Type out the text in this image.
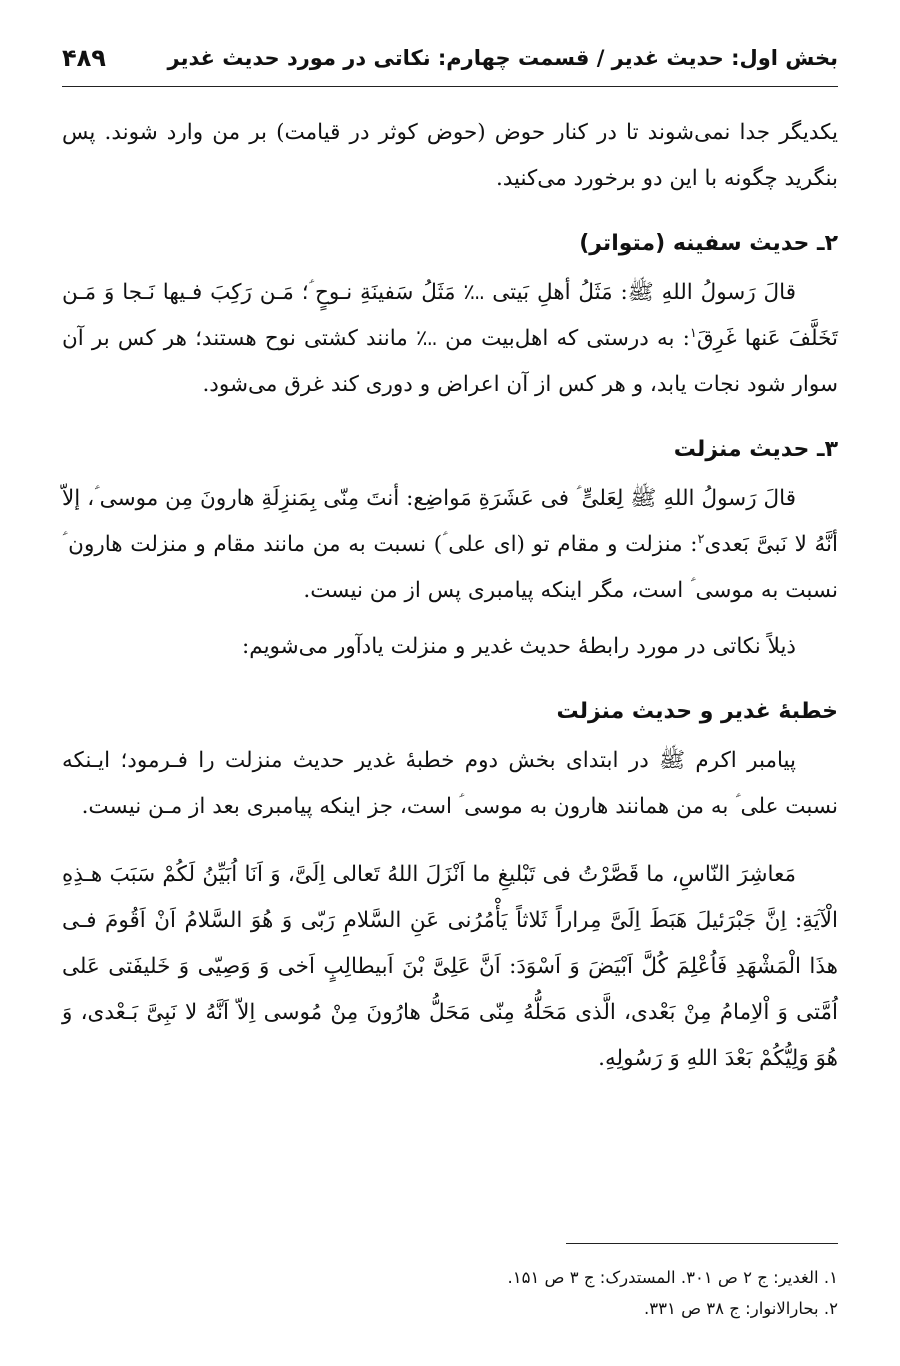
بخش اول: حدیث غدیر / قسمت چهارم: نکاتی در مورد حدیث غدیر
۴۸۹

یکدیگر جدا نمی‌شوند تا در کنار حوض (حوض کوثر در قیامت) بر من وارد شوند. پس بنگرید چگونه با این دو برخورد می‌کنید.

۲ـ حدیث سفینه (متواتر)

قالَ رَسولُ اللهِ ﷺ: مَثَلُ أهلِ بَیتی ؊ مَثَلُ سَفینَةِ نـوحٍ ؑ؛ مَـن رَکِبَ فـیها نَـجا وَ مَـن تَخَلَّفَ عَنها غَرِقَ$^۱$: به درستی که اهل‌بیت من ؊ مانند کشتی نوح هستند؛ هر کس بر آن سوار شود نجات یابد، و هر کس از آن اعراض و دوری کند غرق می‌شود.

۳ـ حدیث منزلت

قالَ رَسولُ اللهِ ﷺ لِعَلیٍّ ؑ فی عَشَرَةِ مَواضِع: أنتَ مِنّی بِمَنزِلَةِ هارونَ مِن موسی ؑ، إلاّ أنَّهُ لا نَبیَّ بَعدی$^۲$: منزلت و مقام تو (ای علی ؑ) نسبت به من مانند مقام و منزلت هارون ؑ نسبت به موسی ؑ است، مگر اینکه پیامبری پس از من نیست.

ذیلاً نکاتی در مورد رابطۀ حدیث غدیر و منزلت یادآور می‌شویم:

خطبۀ غدیر و حدیث منزلت

پیامبر اکرم ﷺ در ابتدای بخش دوم خطبۀ غدیر حدیث منزلت را فـرمود؛ ایـنکه نسبت علی ؑ به من همانند هارون به موسی ؑ است، جز اینکه پیامبری بعد از مـن نیست.

مَعاشِرَ النّاسِ، ما قَصَّرْتُ فی تَبْلیغِ ما اَنْزَلَ اللهُ تَعالی اِلَیَّ، وَ اَنَا اُبَیِّنُ لَکُمْ سَبَبَ هـذِهِ الْآیَةِ: اِنَّ جَبْرَئیلَ هَبَطَ اِلَیَّ مِراراً ثَلاثاً یَأْمُرُنی عَنِ السَّلامِ رَبّی وَ هُوَ السَّلامُ اَنْ اَقُومَ فـی هذَا الْمَشْهَدِ فَاُعْلِمَ کُلَّ اَبْیَضَ وَ اَسْوَدَ: اَنَّ عَلِیَّ بْنَ اَبیطالِبٍ اَخی وَ وَصِیّی وَ خَلیفَتی عَلی اُمَّتی وَ اْلاِمامُ مِنْ بَعْدی، الَّذی مَحَلُّهُ مِنّی مَحَلُّ هارُونَ مِنْ مُوسی اِلاّ اَنَّهُ لا نَبِیَّ بَـعْدی، وَ هُوَ وَلِیُّکُمْ بَعْدَ اللهِ وَ رَسُولِهِ.

۱. الغدیر: ج ۲ ص ۳۰۱. المستدرک: ج ۳ ص ۱۵۱.
۲. بحارالانوار: ج ۳۸ ص ۳۳۱.
